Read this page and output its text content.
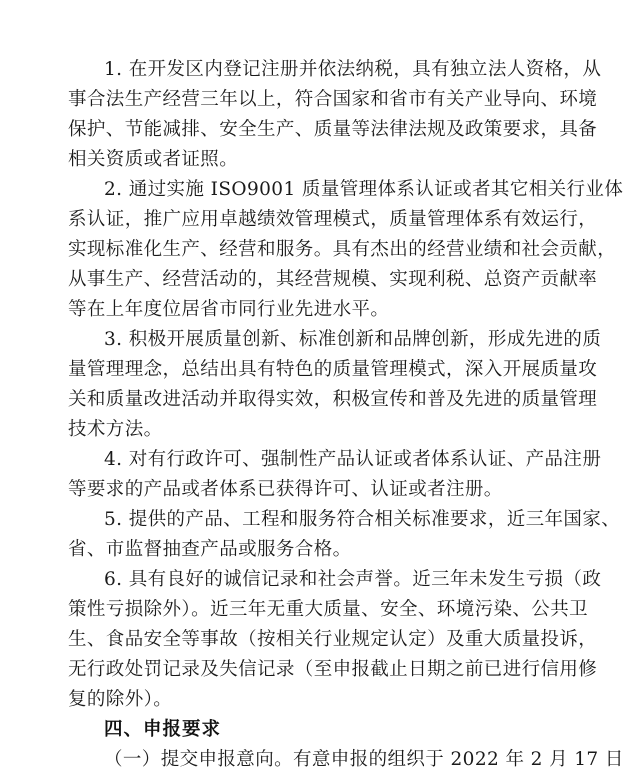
1. 在开发区内登记注册并依法纳税，具有独立法人资格，从
事合法生产经营三年以上，符合国家和省市有关产业导向、环境
保护、节能减排、安全生产、质量等法律法规及政策要求，具备
相关资质或者证照。
2. 通过实施 ISO9001 质量管理体系认证或者其它相关行业体
系认证，推广应用卓越绩效管理模式，质量管理体系有效运行，
实现标准化生产、经营和服务。具有杰出的经营业绩和社会贡献，
从事生产、经营活动的，其经营规模、实现利税、总资产贡献率
等在上年度位居省市同行业先进水平。
3. 积极开展质量创新、标准创新和品牌创新，形成先进的质
量管理理念，总结出具有特色的质量管理模式，深入开展质量攻
关和质量改进活动并取得实效，积极宣传和普及先进的质量管理
技术方法。
4. 对有行政许可、强制性产品认证或者体系认证、产品注册
等要求的产品或者体系已获得许可、认证或者注册。
5. 提供的产品、工程和服务符合相关标准要求，近三年国家、
省、市监督抽查产品或服务合格。
6. 具有良好的诚信记录和社会声誉。近三年未发生亏损（政
策性亏损除外）。近三年无重大质量、安全、环境污染、公共卫
生、食品安全等事故（按相关行业规定认定）及重大质量投诉，
无行政处罚记录及失信记录（至申报截止日期之前已进行信用修
复的除外）。
四、申报要求
（一）提交申报意向。有意申报的组织于 2022 年 2 月 17 日
